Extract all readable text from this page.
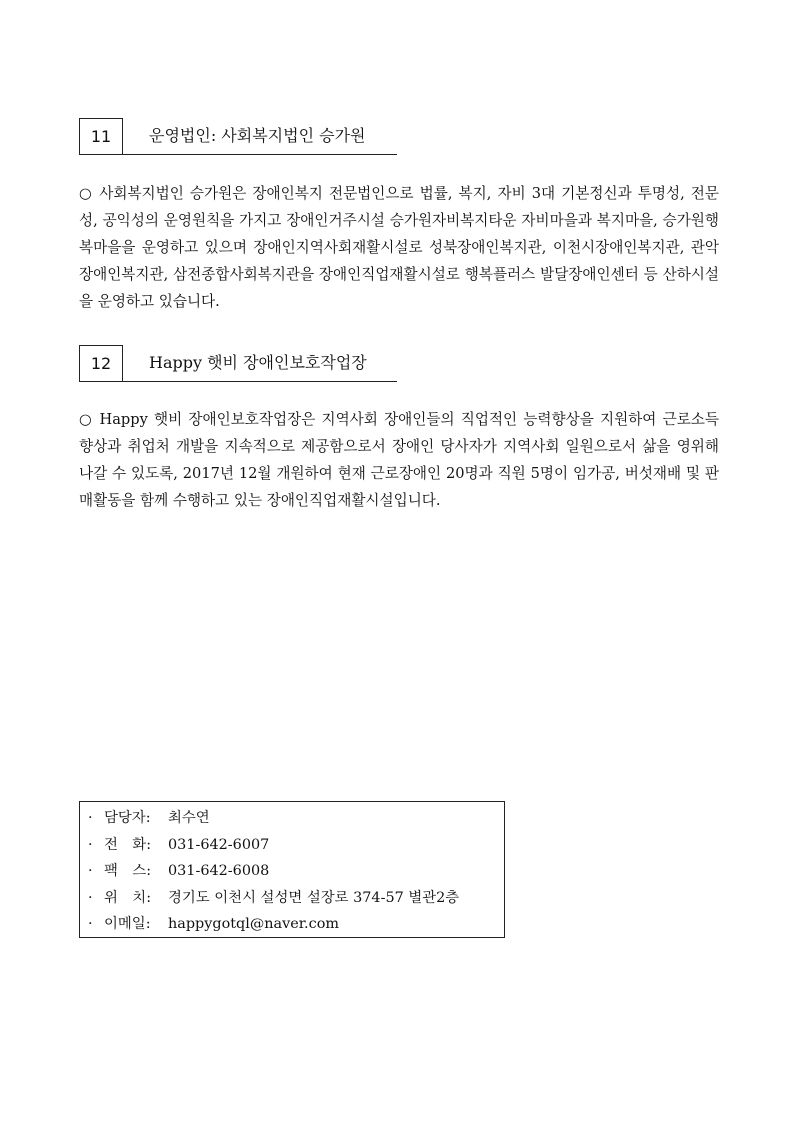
11	운영법인: 사회복지법인 승가원

○ 사회복지법인 승가원은 장애인복지 전문법인으로 법률, 복지, 자비 3대 기본정신과 투명성, 전문성, 공익성의 운영원칙을 가지고 장애인거주시설 승가원자비복지타운 자비마을과 복지마을, 승가원행복마을을 운영하고 있으며 장애인지역사회재활시설로 성북장애인복지관, 이천시장애인복지관, 관악장애인복지관, 삼전종합사회복지관을 장애인직업재활시설로 행복플러스 발달장애인센터 등 산하시설을 운영하고 있습니다.

12	Happy 햇비 장애인보호작업장

○ Happy 햇비 장애인보호작업장은 지역사회 장애인들의 직업적인 능력향상을 지원하여 근로소득 향상과 취업처 개발을 지속적으로 제공함으로서 장애인 당사자가 지역사회 일원으로서 삶을 영위해 나갈 수 있도록, 2017년 12월 개원하여 현재 근로장애인 20명과 직원 5명이 임가공, 버섯재배 및 판매활동을 함께 수행하고 있는 장애인직업재활시설입니다.

· 담당자: 최수연
· 전　화: 031-642-6007
· 팩　스: 031-642-6008
· 위　치: 경기도 이천시 설성면 설장로 374-57 별관2층
· 이메일: happygotql@naver.com
